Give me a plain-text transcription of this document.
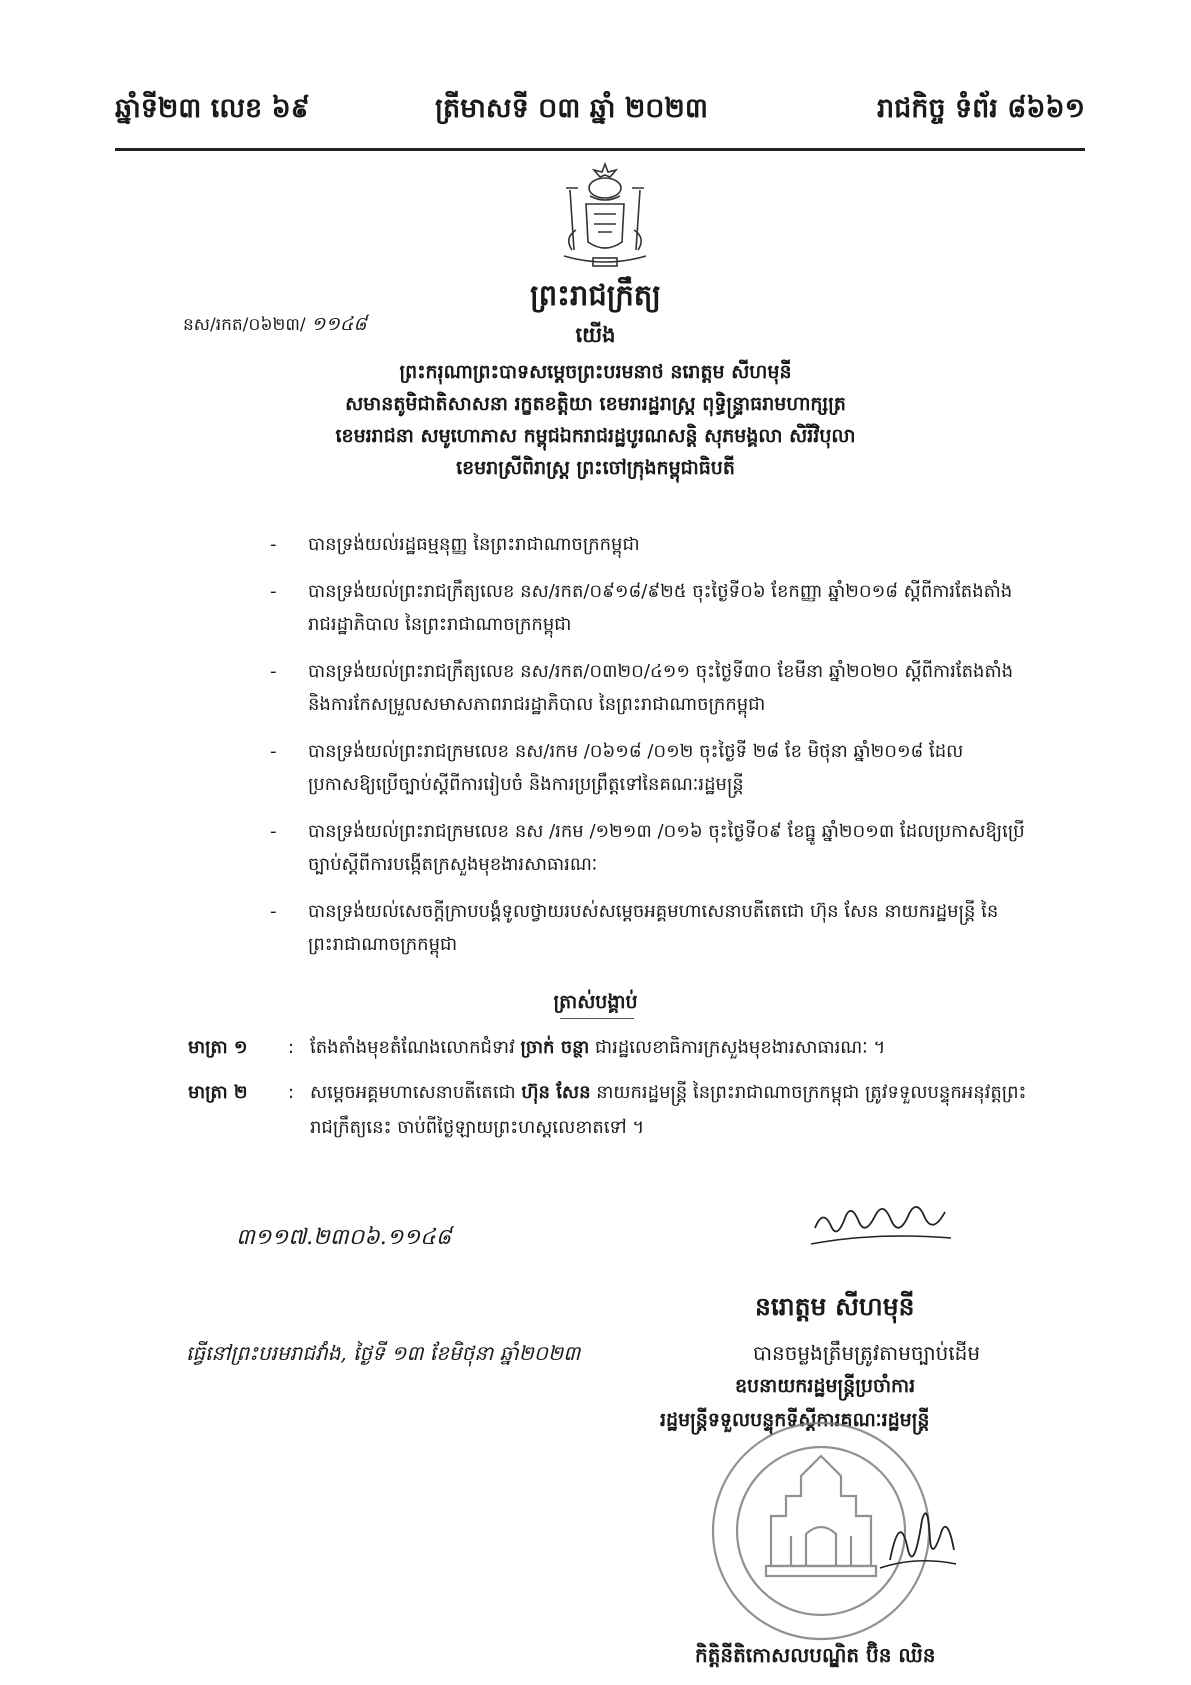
ឆ្នាំទី២៣ លេខ ៦៩	ត្រីមាសទី ០៣ ឆ្នាំ ២០២៣	រាជកិច្ច ទំព័រ ៨៦៦១
ព្រះរាជក្រឹត្យ
នស/រកត/០៦២៣/ ១១៤៨	យើង
ព្រះករុណាព្រះបាទសម្តេចព្រះបរមនាថ នរោត្តម សីហមុនី
សមានតូមិជាតិសាសនា រក្ខតខត្តិយា ខេមរារដ្ឋរាស្ត្រ ពុទ្ធិន្ទ្រាធរាមហាក្សត្រ
ខេមររាជនា សមូហោភាស កម្ពុជឯករាជរដ្ឋបូរណសន្តិ សុភមង្គលា សិរីវិបុលា
ខេមរាស្រីពិរាស្ត្រ ព្រះចៅក្រុងកម្ពុជាធិបតី
- បានទ្រង់យល់រដ្ឋធម្មនុញ្ញ នៃព្រះរាជាណាចក្រកម្ពុជា
- បានទ្រង់យល់ព្រះរាជក្រឹត្យលេខ នស/រកត/០៩១៨/៩២៥ ចុះថ្ងៃទី០៦ ខែកញ្ញា ឆ្នាំ២០១៨ ស្តីពីការតែងតាំងរាជរដ្ឋាភិបាល នៃព្រះរាជាណាចក្រកម្ពុជា
- បានទ្រង់យល់ព្រះរាជក្រឹត្យលេខ នស/រកត/០៣២០/៤១១ ចុះថ្ងៃទី៣០ ខែមីនា ឆ្នាំ២០២០ ស្តីពីការតែងតាំង និងការកែសម្រួលសមាសភាពរាជរដ្ឋាភិបាល នៃព្រះរាជាណាចក្រកម្ពុជា
- បានទ្រង់យល់ព្រះរាជក្រមលេខ នស/រកម /០៦១៨ /០១២ ចុះថ្ងៃទី ២៨ ខែ មិថុនា ឆ្នាំ២០១៨ ដែលប្រកាសឱ្យប្រើច្បាប់ស្តីពីការរៀបចំ និងការប្រព្រឹត្តទៅនៃគណៈរដ្ឋមន្ត្រី
- បានទ្រង់យល់ព្រះរាជក្រមលេខ នស /រកម /១២១៣ /០១៦ ចុះថ្ងៃទី០៩ ខែធ្នូ ឆ្នាំ២០១៣ ដែលប្រកាសឱ្យប្រើច្បាប់ស្តីពីការបង្កើតក្រសួងមុខងារសាធារណៈ
- បានទ្រង់យល់សេចក្តីក្រាបបង្គំទូលថ្វាយរបស់សម្តេចអគ្គមហាសេនាបតីតេជោ ហ៊ុន សែន នាយករដ្ឋមន្ត្រី នៃព្រះរាជាណាចក្រកម្ពុជា
ត្រាស់បង្គាប់
មាត្រា ១ : តែងតាំងមុខតំណែងលោកជំទាវ ច្រាក់ ចន្ថា ជារដ្ឋលេខាធិការក្រសួងមុខងារសាធារណៈ ។
មាត្រា ២ : សម្តេចអគ្គមហាសេនាបតីតេជោ ហ៊ុន សែន នាយករដ្ឋមន្ត្រី នៃព្រះរាជាណាចក្រកម្ពុជា ត្រូវទទួលបន្ទុកអនុវត្តព្រះរាជក្រឹត្យនេះ ចាប់ពីថ្ងៃឡាយព្រះហស្តលេខាតទៅ ។
៣១១៧.២៣០៦.១១៤៨
នរោត្តម សីហមុនី
ធ្វើនៅព្រះបរមរាជវាំង, ថ្ងៃទី ១៣ ខែមិថុនា ឆ្នាំ២០២៣	បានចម្លងត្រឹមត្រូវតាមច្បាប់ដើម
ឧបនាយករដ្ឋមន្ត្រីប្រចាំការ
រដ្ឋមន្ត្រីទទួលបន្ទុកទីស្តីការគណៈរដ្ឋមន្ត្រី
កិត្តិនីតិកោសលបណ្ឌិត ប៊ិន ឈិន
